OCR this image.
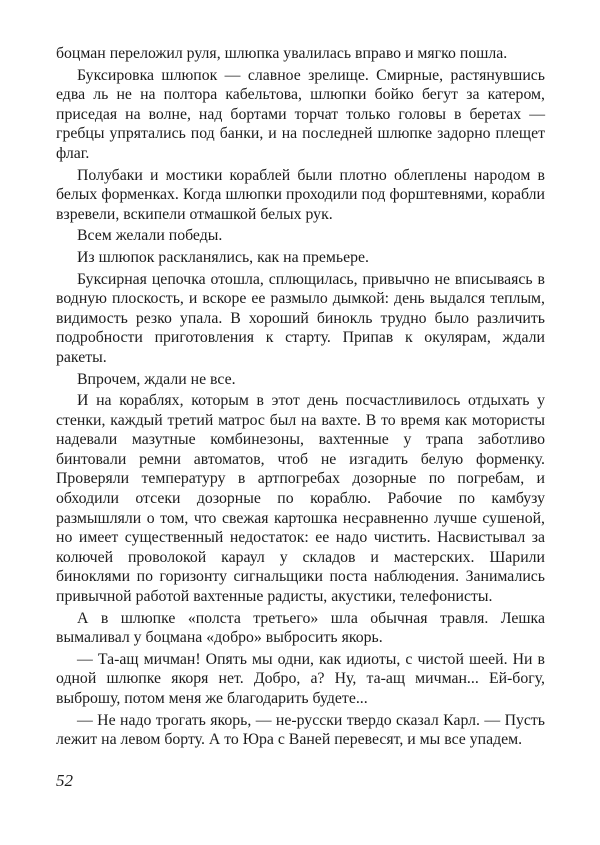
боцман переложил руля, шлюпка увалилась вправо и мягко пошла.

Буксировка шлюпок — славное зрелище. Смирные, растянувшись едва ль не на полтора кабельтова, шлюпки бойко бегут за катером, приседая на волне, над бортами торчат только головы в беретах — гребцы упрятались под банки, и на последней шлюпке задорно плещет флаг.

Полубаки и мостики кораблей были плотно облеплены народом в белых форменках. Когда шлюпки проходили под форштевнями, корабли взревели, вскипели отмашкой белых рук.

Всем желали победы.

Из шлюпок раскланялись, как на премьере.

Буксирная цепочка отошла, сплющилась, привычно не вписываясь в водную плоскость, и вскоре ее размыло дымкой: день выдался теплым, видимость резко упала. В хороший бинокль трудно было различить подробности приготовления к старту. Припав к окулярам, ждали ракеты.

Впрочем, ждали не все.

И на кораблях, которым в этот день посчастливилось отдыхать у стенки, каждый третий матрос был на вахте. В то время как мотористы надевали мазутные комбинезоны, вахтенные у трапа заботливо бинтовали ремни автоматов, чтоб не изгадить белую форменку. Проверяли температуру в артпогребах дозорные по погребам, и обходили отсеки дозорные по кораблю. Рабочие по камбузу размышляли о том, что свежая картошка несравненно лучше сушеной, но имеет существенный недостаток: ее надо чистить. Насвистывал за колючей проволокой караул у складов и мастерских. Шарили биноклями по горизонту сигнальщики поста наблюдения. Занимались привычной работой вахтенные радисты, акустики, телефонисты.

А в шлюпке «полста третьего» шла обычная травля. Лешка вымаливал у боцмана «добро» выбросить якорь.

— Та-ащ мичман! Опять мы одни, как идиоты, с чистой шеей. Ни в одной шлюпке якоря нет. Добро, а? Ну, та-ащ мичман... Ей-богу, выброшу, потом меня же благодарить будете...

— Не надо трогать якорь, — не-русски твердо сказал Карл. — Пусть лежит на левом борту. А то Юра с Ваней перевесят, и мы все упадем.

52
